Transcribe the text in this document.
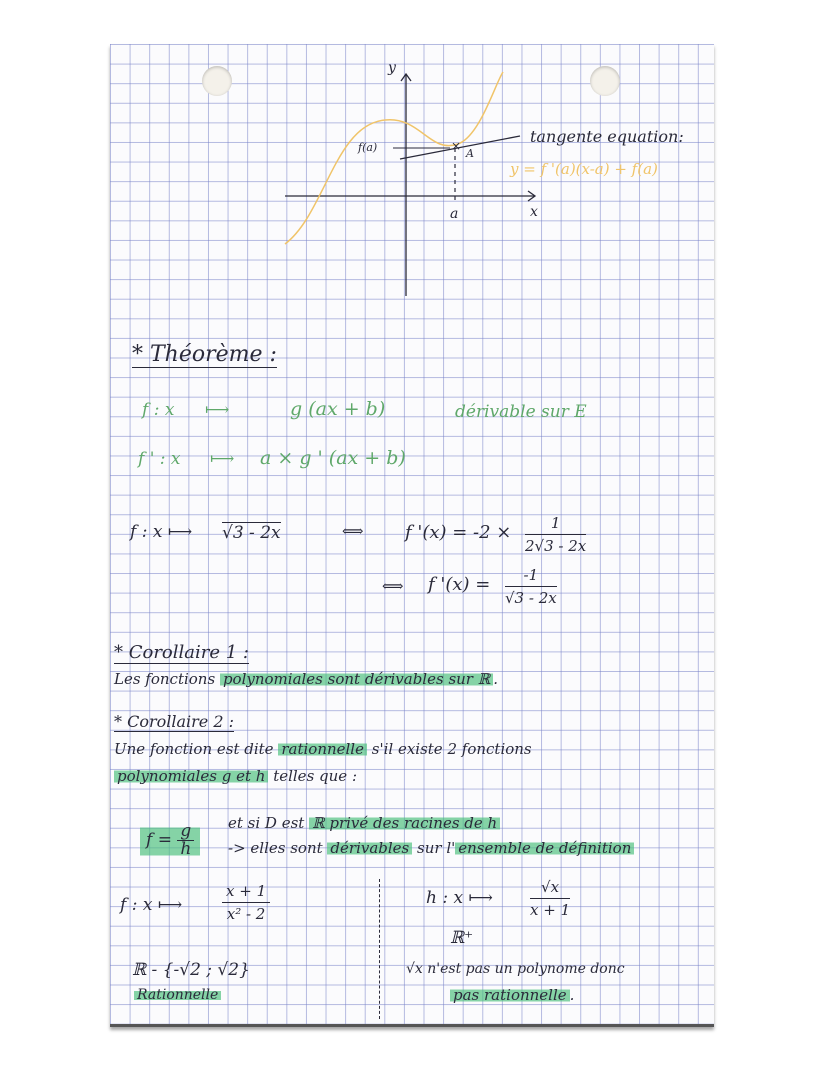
×
y
x
f(a)	A
a
tangente equation:
y = f '(a)(x-a) + f(a)
* Théorème :
f : x ⟼	g (ax + b)	dérivable sur E
f ' : x ⟼ a × g ' (ax + b)
f : x ⟼ √3 - 2x	⟺ f '$(x) = -2 \times \frac{1}{2√3 - 2x}$
⟺ f '$(x) = \frac{-1}{√3 - 2x}$
* Corollaire 1 :
Les fonctions polynomiales sont dérivables sur ℝ .
* Corollaire 2 :
Une fonction est dite rationnelle s'il existe 2 fonctions
polynomiales g et h telles que :
$f = \frac{g}{h}$ et si D est ℝ privé des racines de h
-> elles sont dérivables sur l' ensemble de définition
f : x ⟼	$\frac{x + 1}{\text{x² - 2}}$
ℝ - {-√2 ; √2}
Rationnelle
h : x ⟼ $\frac{√x}{x + 1}$
ℝ⁺
√x n'est pas un polynome donc
pas rationnelle .
